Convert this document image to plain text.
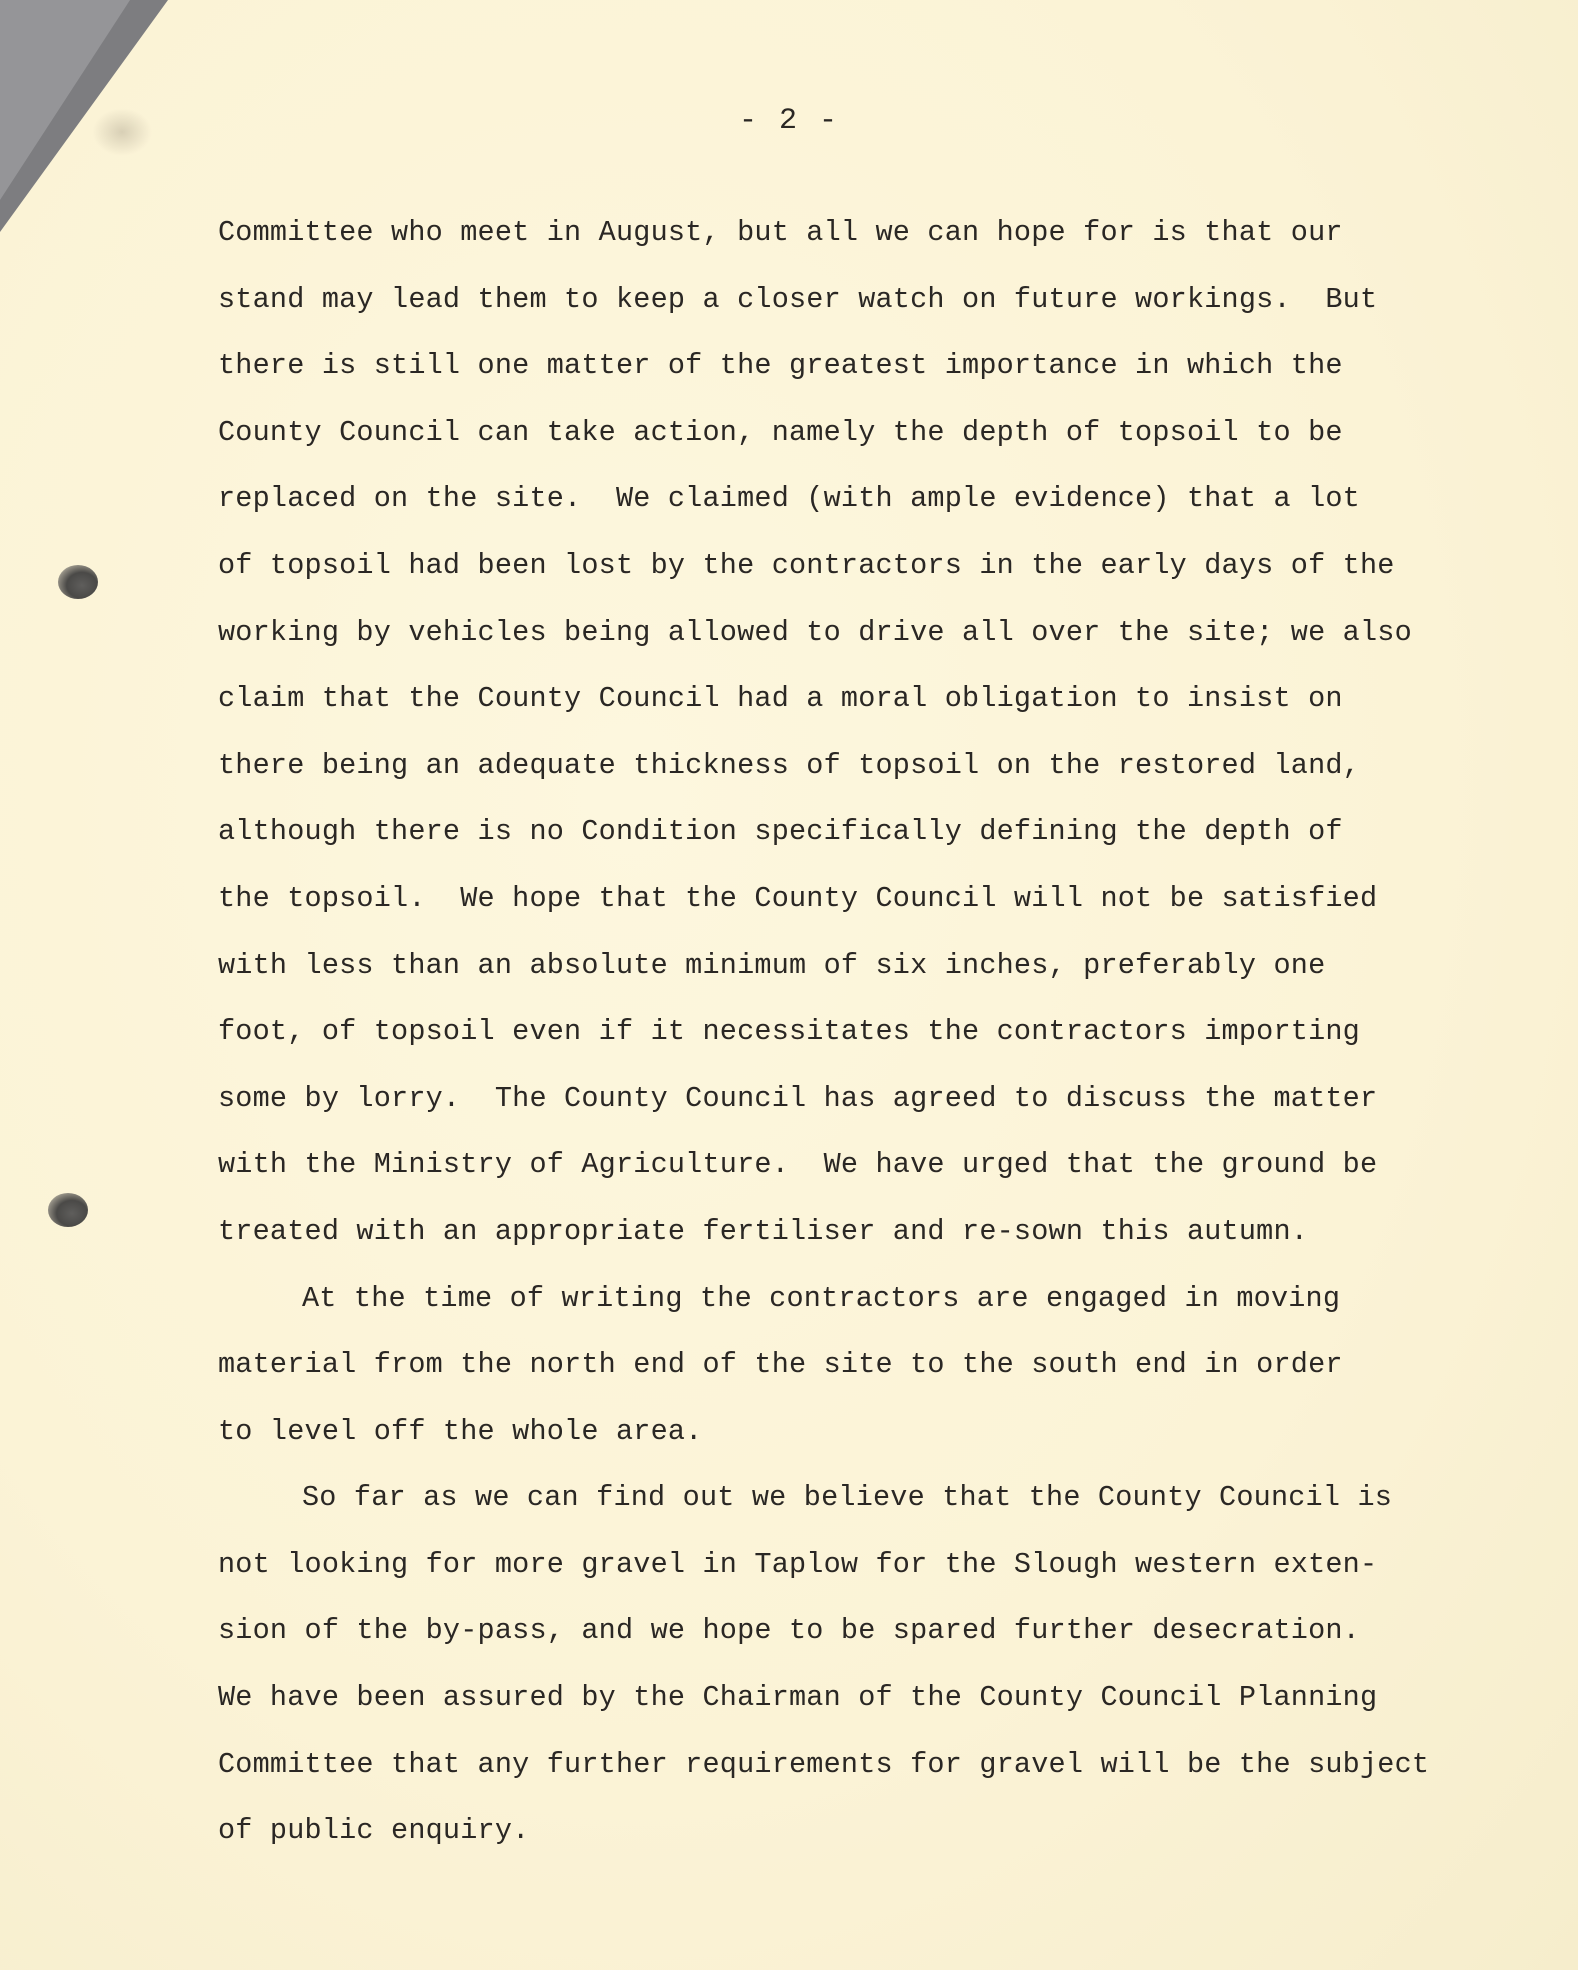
- 2 -
Committee who meet in August, but all we can hope for is that our
stand may lead them to keep a closer watch on future workings.  But
there is still one matter of the greatest importance in which the
County Council can take action, namely the depth of topsoil to be
replaced on the site.  We claimed (with ample evidence) that a lot
of topsoil had been lost by the contractors in the early days of the
working by vehicles being allowed to drive all over the site; we also
claim that the County Council had a moral obligation to insist on
there being an adequate thickness of topsoil on the restored land,
although there is no Condition specifically defining the depth of
the topsoil.  We hope that the County Council will not be satisfied
with less than an absolute minimum of six inches, preferably one
foot, of topsoil even if it necessitates the contractors importing
some by lorry.  The County Council has agreed to discuss the matter
with the Ministry of Agriculture.  We have urged that the ground be
treated with an appropriate fertiliser and re-sown this autumn.
At the time of writing the contractors are engaged in moving
material from the north end of the site to the south end in order
to level off the whole area.
So far as we can find out we believe that the County Council is
not looking for more gravel in Taplow for the Slough western exten-
sion of the by-pass, and we hope to be spared further desecration.
We have been assured by the Chairman of the County Council Planning
Committee that any further requirements for gravel will be the subject
of public enquiry.
